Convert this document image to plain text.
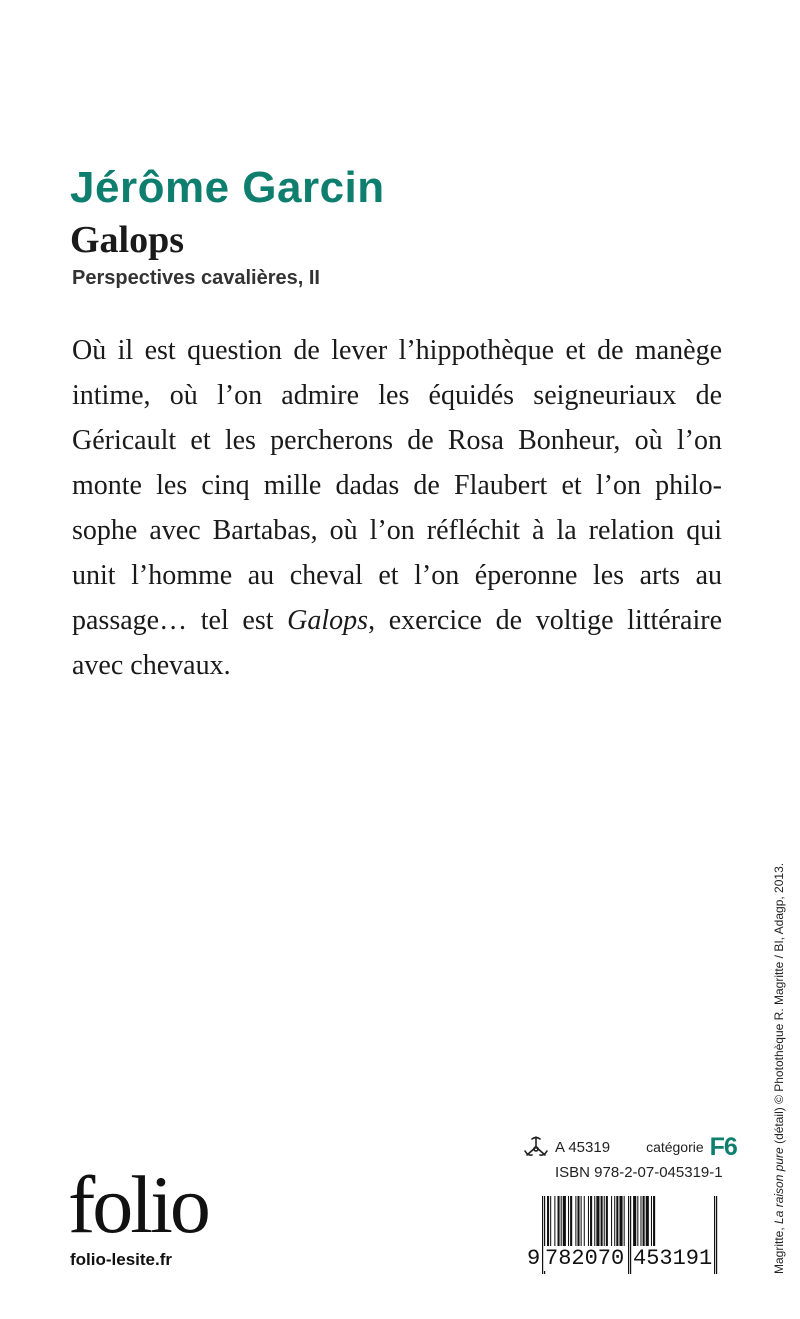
Jérôme Garcin
Galops

Perspectives cavalières, II

Où il est question de lever l’hippothèque et de manège
intime, où l’on admire les équidés seigneuriaux de
Géricault et les percherons de Rosa Bonheur, où l’on
monte les cinq mille dadas de Flaubert et l’on philo-
sophe avec Bartabas, où l’on réfléchit à la relation qui
unit l’homme au cheval et l’on éperonne les arts au
passage… tel est Galops, exercice de voltige littéraire
avec chevaux.
Magritte, La raison pure (détail) © Photothèque R. Magritte / BI, Adagp, 2013.
folio
folio-lesite.fr
A 45319	catégorie F6
ISBN 978-2-07-045319-1
9 782070 453191
